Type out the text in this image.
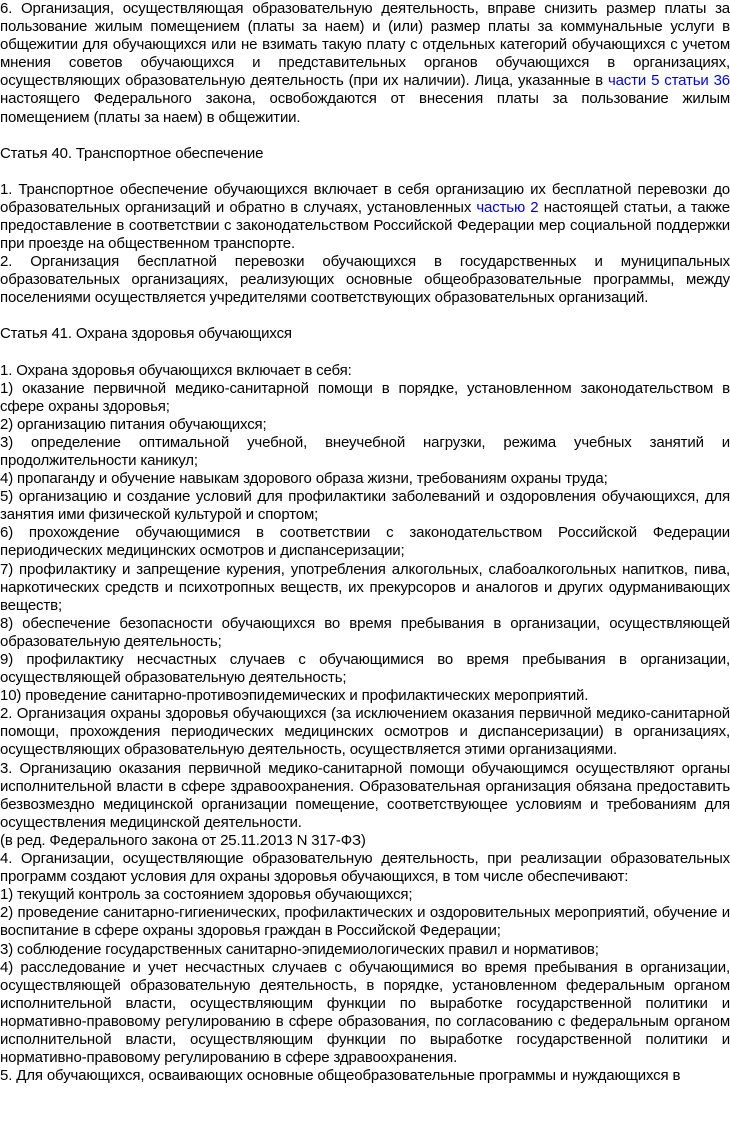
6. Организация, осуществляющая образовательную деятельность, вправе снизить размер платы за пользование жилым помещением (платы за наем) и (или) размер платы за коммунальные услуги в общежитии для обучающихся или не взимать такую плату с отдельных категорий обучающихся с учетом мнения советов обучающихся и представительных органов обучающихся в организациях, осуществляющих образовательную деятельность (при их наличии). Лица, указанные в части 5 статьи 36 настоящего Федерального закона, освобождаются от внесения платы за пользование жилым помещением (платы за наем) в общежитии.

Статья 40. Транспортное обеспечение

1. Транспортное обеспечение обучающихся включает в себя организацию их бесплатной перевозки до образовательных организаций и обратно в случаях, установленных частью 2 настоящей статьи, а также предоставление в соответствии с законодательством Российской Федерации мер социальной поддержки при проезде на общественном транспорте.

2. Организация бесплатной перевозки обучающихся в государственных и муниципальных образовательных организациях, реализующих основные общеобразовательные программы, между поселениями осуществляется учредителями соответствующих образовательных организаций.

Статья 41. Охрана здоровья обучающихся

1. Охрана здоровья обучающихся включает в себя:

1) оказание первичной медико-санитарной помощи в порядке, установленном законодательством в сфере охраны здоровья;

2) организацию питания обучающихся;

3) определение оптимальной учебной, внеучебной нагрузки, режима учебных занятий и продолжительности каникул;

4) пропаганду и обучение навыкам здорового образа жизни, требованиям охраны труда;

5) организацию и создание условий для профилактики заболеваний и оздоровления обучающихся, для занятия ими физической культурой и спортом;

6) прохождение обучающимися в соответствии с законодательством Российской Федерации периодических медицинских осмотров и диспансеризации;

7) профилактику и запрещение курения, употребления алкогольных, слабоалкогольных напитков, пива, наркотических средств и психотропных веществ, их прекурсоров и аналогов и других одурманивающих веществ;

8) обеспечение безопасности обучающихся во время пребывания в организации, осуществляющей образовательную деятельность;

9) профилактику несчастных случаев с обучающимися во время пребывания в организации, осуществляющей образовательную деятельность;

10) проведение санитарно-противоэпидемических и профилактических мероприятий.

2. Организация охраны здоровья обучающихся (за исключением оказания первичной медико-санитарной помощи, прохождения периодических медицинских осмотров и диспансеризации) в организациях, осуществляющих образовательную деятельность, осуществляется этими организациями.

3. Организацию оказания первичной медико-санитарной помощи обучающимся осуществляют органы исполнительной власти в сфере здравоохранения. Образовательная организация обязана предоставить безвозмездно медицинской организации помещение, соответствующее условиям и требованиям для осуществления медицинской деятельности.

(в ред. Федерального закона от 25.11.2013 N 317-ФЗ)

4. Организации, осуществляющие образовательную деятельность, при реализации образовательных программ создают условия для охраны здоровья обучающихся, в том числе обеспечивают:

1) текущий контроль за состоянием здоровья обучающихся;

2) проведение санитарно-гигиенических, профилактических и оздоровительных мероприятий, обучение и воспитание в сфере охраны здоровья граждан в Российской Федерации;

3) соблюдение государственных санитарно-эпидемиологических правил и нормативов;

4) расследование и учет несчастных случаев с обучающимися во время пребывания в организации, осуществляющей образовательную деятельность, в порядке, установленном федеральным органом исполнительной власти, осуществляющим функции по выработке государственной политики и нормативно-правовому регулированию в сфере образования, по согласованию с федеральным органом исполнительной власти, осуществляющим функции по выработке государственной политики и нормативно-правовому регулированию в сфере здравоохранения.

5. Для обучающихся, осваивающих основные общеобразовательные программы и нуждающихся в
